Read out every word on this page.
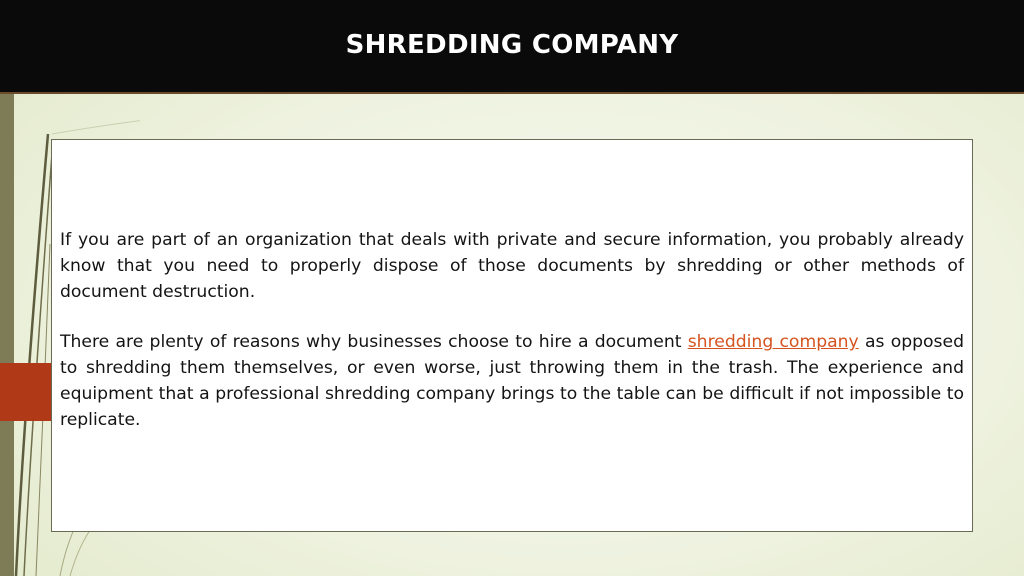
SHREDDING COMPANY

If you are part of an organization that deals with private and secure information, you probably already know that you need to properly dispose of those documents by shredding or other methods of document destruction.

There are plenty of reasons why businesses choose to hire a document shredding company as opposed to shredding them themselves, or even worse, just throwing them in the trash. The experience and equipment that a professional shredding company brings to the table can be difficult if not impossible to replicate.
